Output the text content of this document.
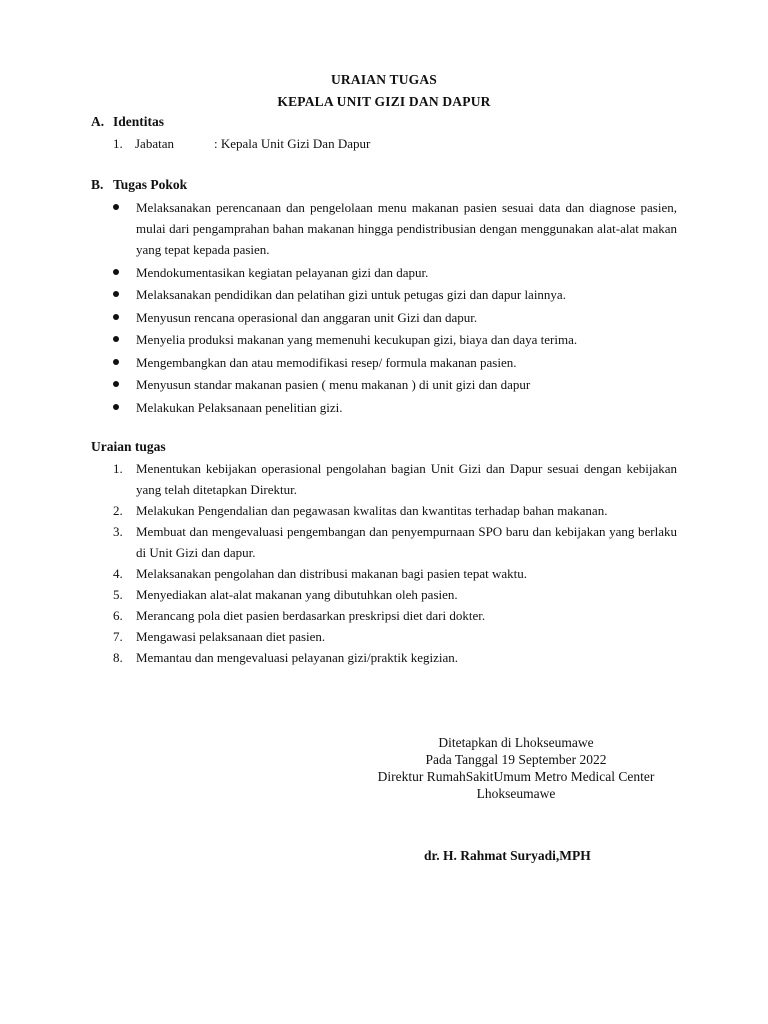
URAIAN TUGAS
KEPALA UNIT GIZI DAN DAPUR
A. Identitas
1. Jabatan	: Kepala Unit Gizi Dan Dapur
B. Tugas Pokok
Melaksanakan perencanaan dan pengelolaan menu makanan pasien sesuai data dan diagnose pasien, mulai dari pengamprahan bahan makanan hingga pendistribusian dengan menggunakan alat-alat makan yang tepat kepada pasien.
Mendokumentasikan kegiatan pelayanan gizi dan dapur.
Melaksanakan pendidikan dan pelatihan gizi untuk petugas gizi dan dapur lainnya.
Menyusun rencana operasional dan anggaran unit Gizi dan dapur.
Menyelia produksi makanan yang memenuhi kecukupan gizi, biaya dan daya terima.
Mengembangkan dan atau memodifikasi resep/ formula makanan pasien.
Menyusun standar makanan pasien ( menu makanan ) di unit gizi dan dapur
Melakukan Pelaksanaan penelitian gizi.
Uraian tugas
1. Menentukan kebijakan operasional pengolahan bagian Unit Gizi dan Dapur sesuai dengan kebijakan yang telah ditetapkan Direktur.
2. Melakukan Pengendalian dan pegawasan kwalitas dan kwantitas terhadap bahan makanan.
3. Membuat dan mengevaluasi pengembangan dan penyempurnaan SPO baru dan kebijakan yang berlaku di Unit Gizi dan dapur.
4. Melaksanakan pengolahan dan distribusi makanan bagi pasien tepat waktu.
5. Menyediakan alat-alat makanan yang dibutuhkan oleh pasien.
6. Merancang pola diet pasien berdasarkan preskripsi diet dari dokter.
7. Mengawasi pelaksanaan diet pasien.
8. Memantau dan mengevaluasi pelayanan gizi/praktik kegizian.
Ditetapkan di Lhokseumawe
Pada Tanggal 19 September 2022
Direktur RumahSakitUmum Metro Medical Center
Lhokseumawe
dr. H. Rahmat Suryadi,MPH
